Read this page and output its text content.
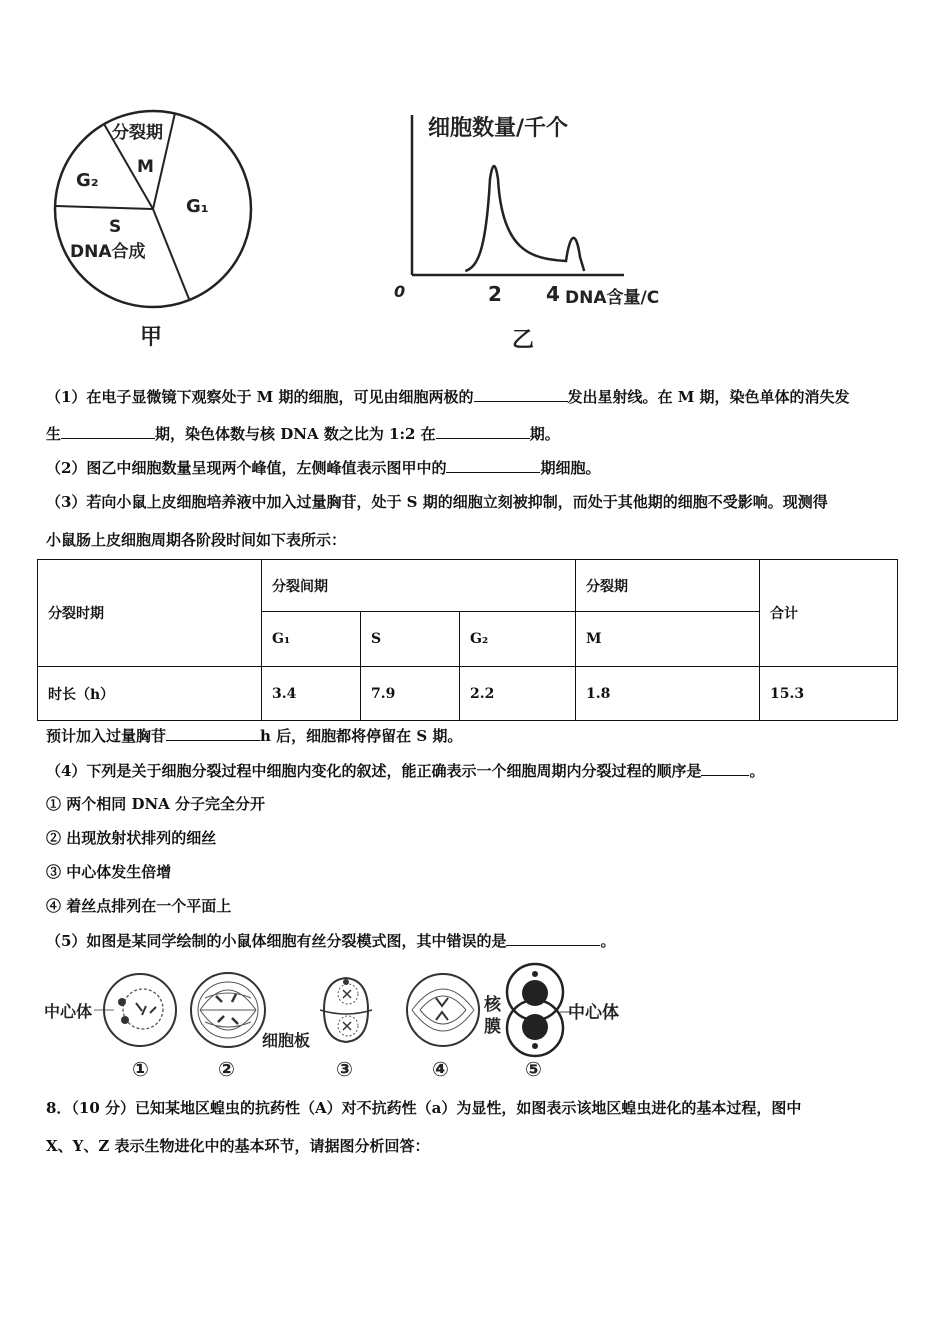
分裂期
M
G₂
G₁
S
DNA合成
甲
细胞数量/千个
0	2 4 DNA含量/C
乙
（1）在电子显微镜下观察处于 M 期的细胞，可见由细胞两极的	发出星射线。在 M 期，染色单体的消失发
生	期，染色体数与核 DNA 数之比为 1:2 在	期。
（2）图乙中细胞数量呈现两个峰值，左侧峰值表示图甲中的	期细胞。
（3）若向小鼠上皮细胞培养液中加入过量胸苷，处于 S 期的细胞立刻被抑制，而处于其他期的细胞不受影响。现测得
小鼠肠上皮细胞周期各阶段时间如下表所示：
分裂时期	分裂间期			分裂期	合计
	G₁	S	G₂	M	
时长（h）	3.4	7.9	2.2	1.8	15.3
预计加入过量胸苷	h 后，细胞都将停留在 S 期。
（4）下列是关于细胞分裂过程中细胞内变化的叙述，能正确表示一个细胞周期内分裂过程的顺序是	。
① 两个相同 DNA 分子完全分开
② 出现放射状排列的细丝
③ 中心体发生倍增
④ 着丝点排列在一个平面上
（5）如图是某同学绘制的小鼠体细胞有丝分裂模式图，其中错误的是	。
中心体
①	②
细胞板
③	④
核
膜
⑤
中心体
8．（10 分）已知某地区蝗虫的抗药性（A）对不抗药性（a）为显性，如图表示该地区蝗虫进化的基本过程，图中
X、Y、Z 表示生物进化中的基本环节，请据图分析回答：
